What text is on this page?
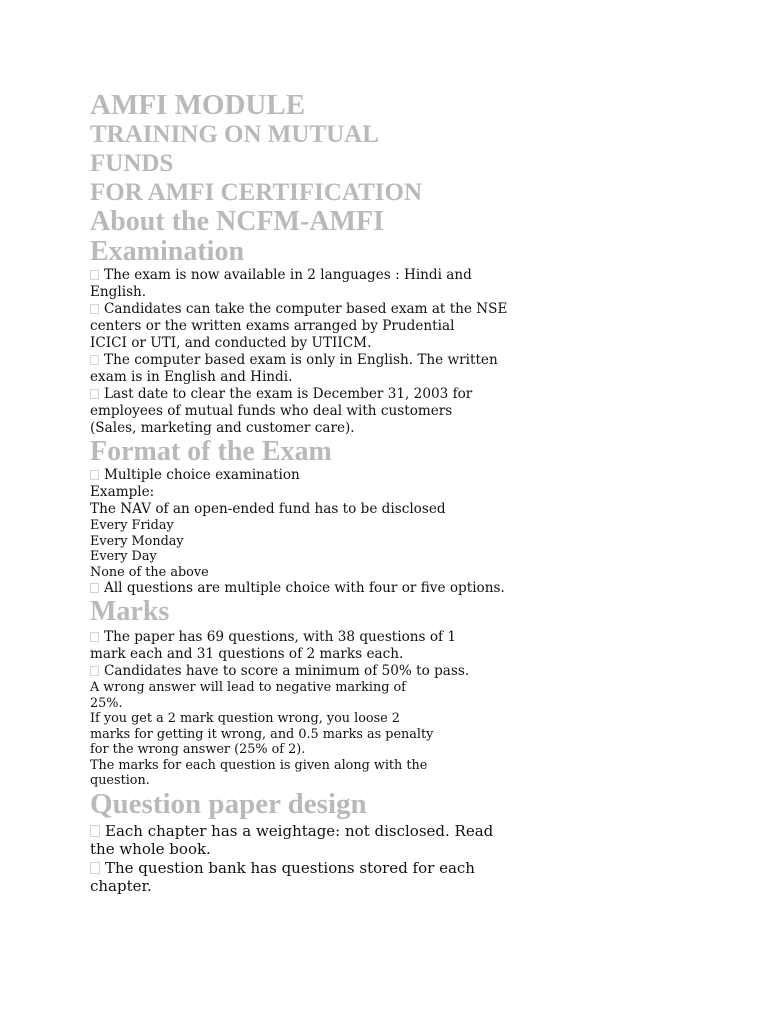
AMFI MODULE

TRAINING ON MUTUAL

FUNDS

FOR AMFI CERTIFICATION

About the NCFM-AMFI

Examination

The exam is now available in 2 languages : Hindi and

English.

Candidates can take the computer based exam at the NSE

centers or the written exams arranged by Prudential

ICICI or UTI, and conducted by UTIICM.

The computer based exam is only in English. The written

exam is in English and Hindi.

Last date to clear the exam is December 31, 2003 for

employees of mutual funds who deal with customers

(Sales, marketing and customer care).

Format of the Exam

Multiple choice examination

Example:

The NAV of an open-ended fund has to be disclosed

Every Friday

Every Monday

Every Day

None of the above

All questions are multiple choice with four or five options.

Marks

The paper has 69 questions, with 38 questions of 1

mark each and 31 questions of 2 marks each.

Candidates have to score a minimum of 50% to pass.

A wrong answer will lead to negative marking of

25%.

If you get a 2 mark question wrong, you loose 2

marks for getting it wrong, and 0.5 marks as penalty

for the wrong answer (25% of 2).

The marks for each question is given along with the

question.

Question paper design

Each chapter has a weightage: not disclosed. Read

the whole book.

The question bank has questions stored for each

chapter.
